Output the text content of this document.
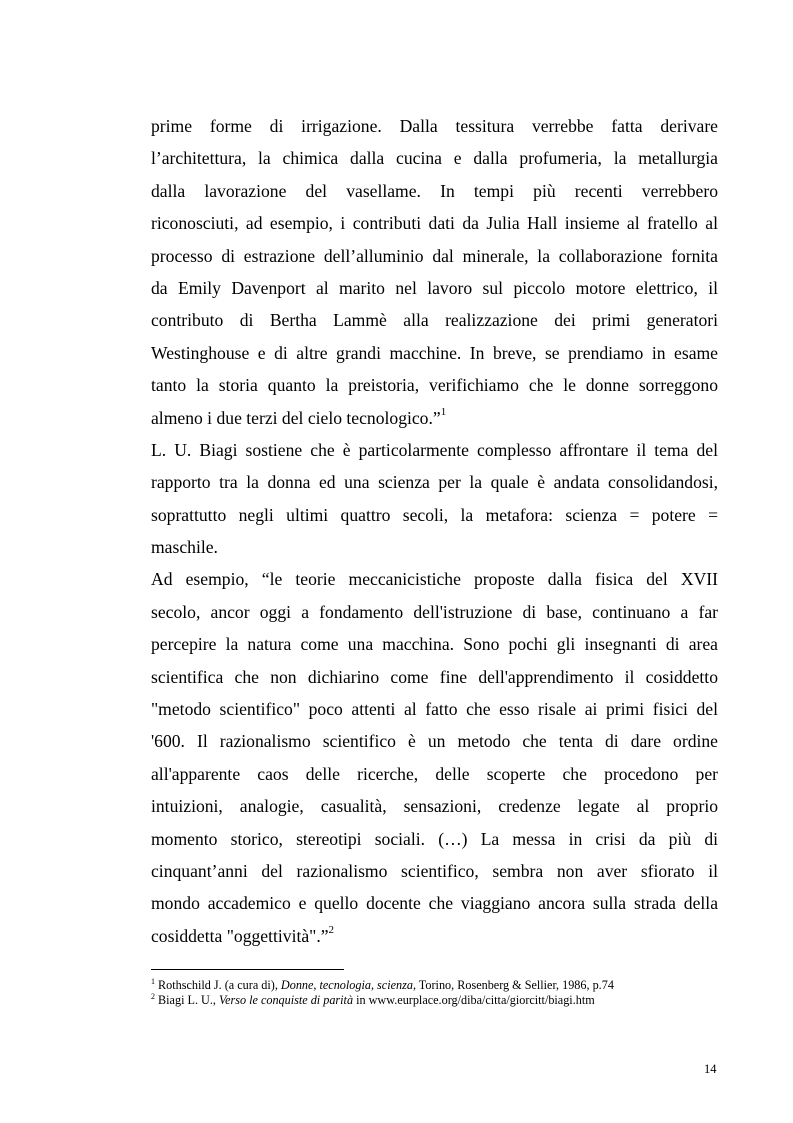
prime forme di irrigazione. Dalla tessitura verrebbe fatta derivare
l’architettura, la chimica dalla cucina e dalla profumeria, la metallurgia
dalla lavorazione del vasellame. In tempi più recenti verrebbero
riconosciuti, ad esempio, i contributi dati da Julia Hall insieme al fratello al
processo di estrazione dell’alluminio dal minerale, la collaborazione fornita
da Emily Davenport al marito nel lavoro sul piccolo motore elettrico, il
contributo di Bertha Lammè alla realizzazione dei primi generatori
Westinghouse e di altre grandi macchine. In breve, se prendiamo in esame
tanto la storia quanto la preistoria, verifichiamo che le donne sorreggono
almeno i due terzi del cielo tecnologico.”$^1$
L. U. Biagi sostiene che è particolarmente complesso affrontare il tema del
rapporto tra la donna ed una scienza per la quale è andata consolidandosi,
soprattutto negli ultimi quattro secoli, la metafora: scienza = potere =
maschile.
Ad esempio, “le teorie meccanicistiche proposte dalla fisica del XVII
secolo, ancor oggi a fondamento dell'istruzione di base, continuano a far
percepire la natura come una macchina. Sono pochi gli insegnanti di area
scientifica che non dichiarino come fine dell'apprendimento il cosiddetto
"metodo scientifico" poco attenti al fatto che esso risale ai primi fisici del
'600. Il razionalismo scientifico è un metodo che tenta di dare ordine
all'apparente caos delle ricerche, delle scoperte che procedono per
intuizioni, analogie, casualità, sensazioni, credenze legate al proprio
momento storico, stereotipi sociali. (…) La messa in crisi da più di
cinquant’anni del razionalismo scientifico, sembra non aver sfiorato il
mondo accademico e quello docente che viaggiano ancora sulla strada della
cosiddetta "oggettività".”$^2$
$^1$ Rothschild J. (a cura di), Donne, tecnologia, scienza, Torino, Rosenberg & Sellier, 1986, p.74
$^2$ Biagi L. U., Verso le conquiste di parità in www.eurplace.org/diba/citta/giorcitt/biagi.htm
14
